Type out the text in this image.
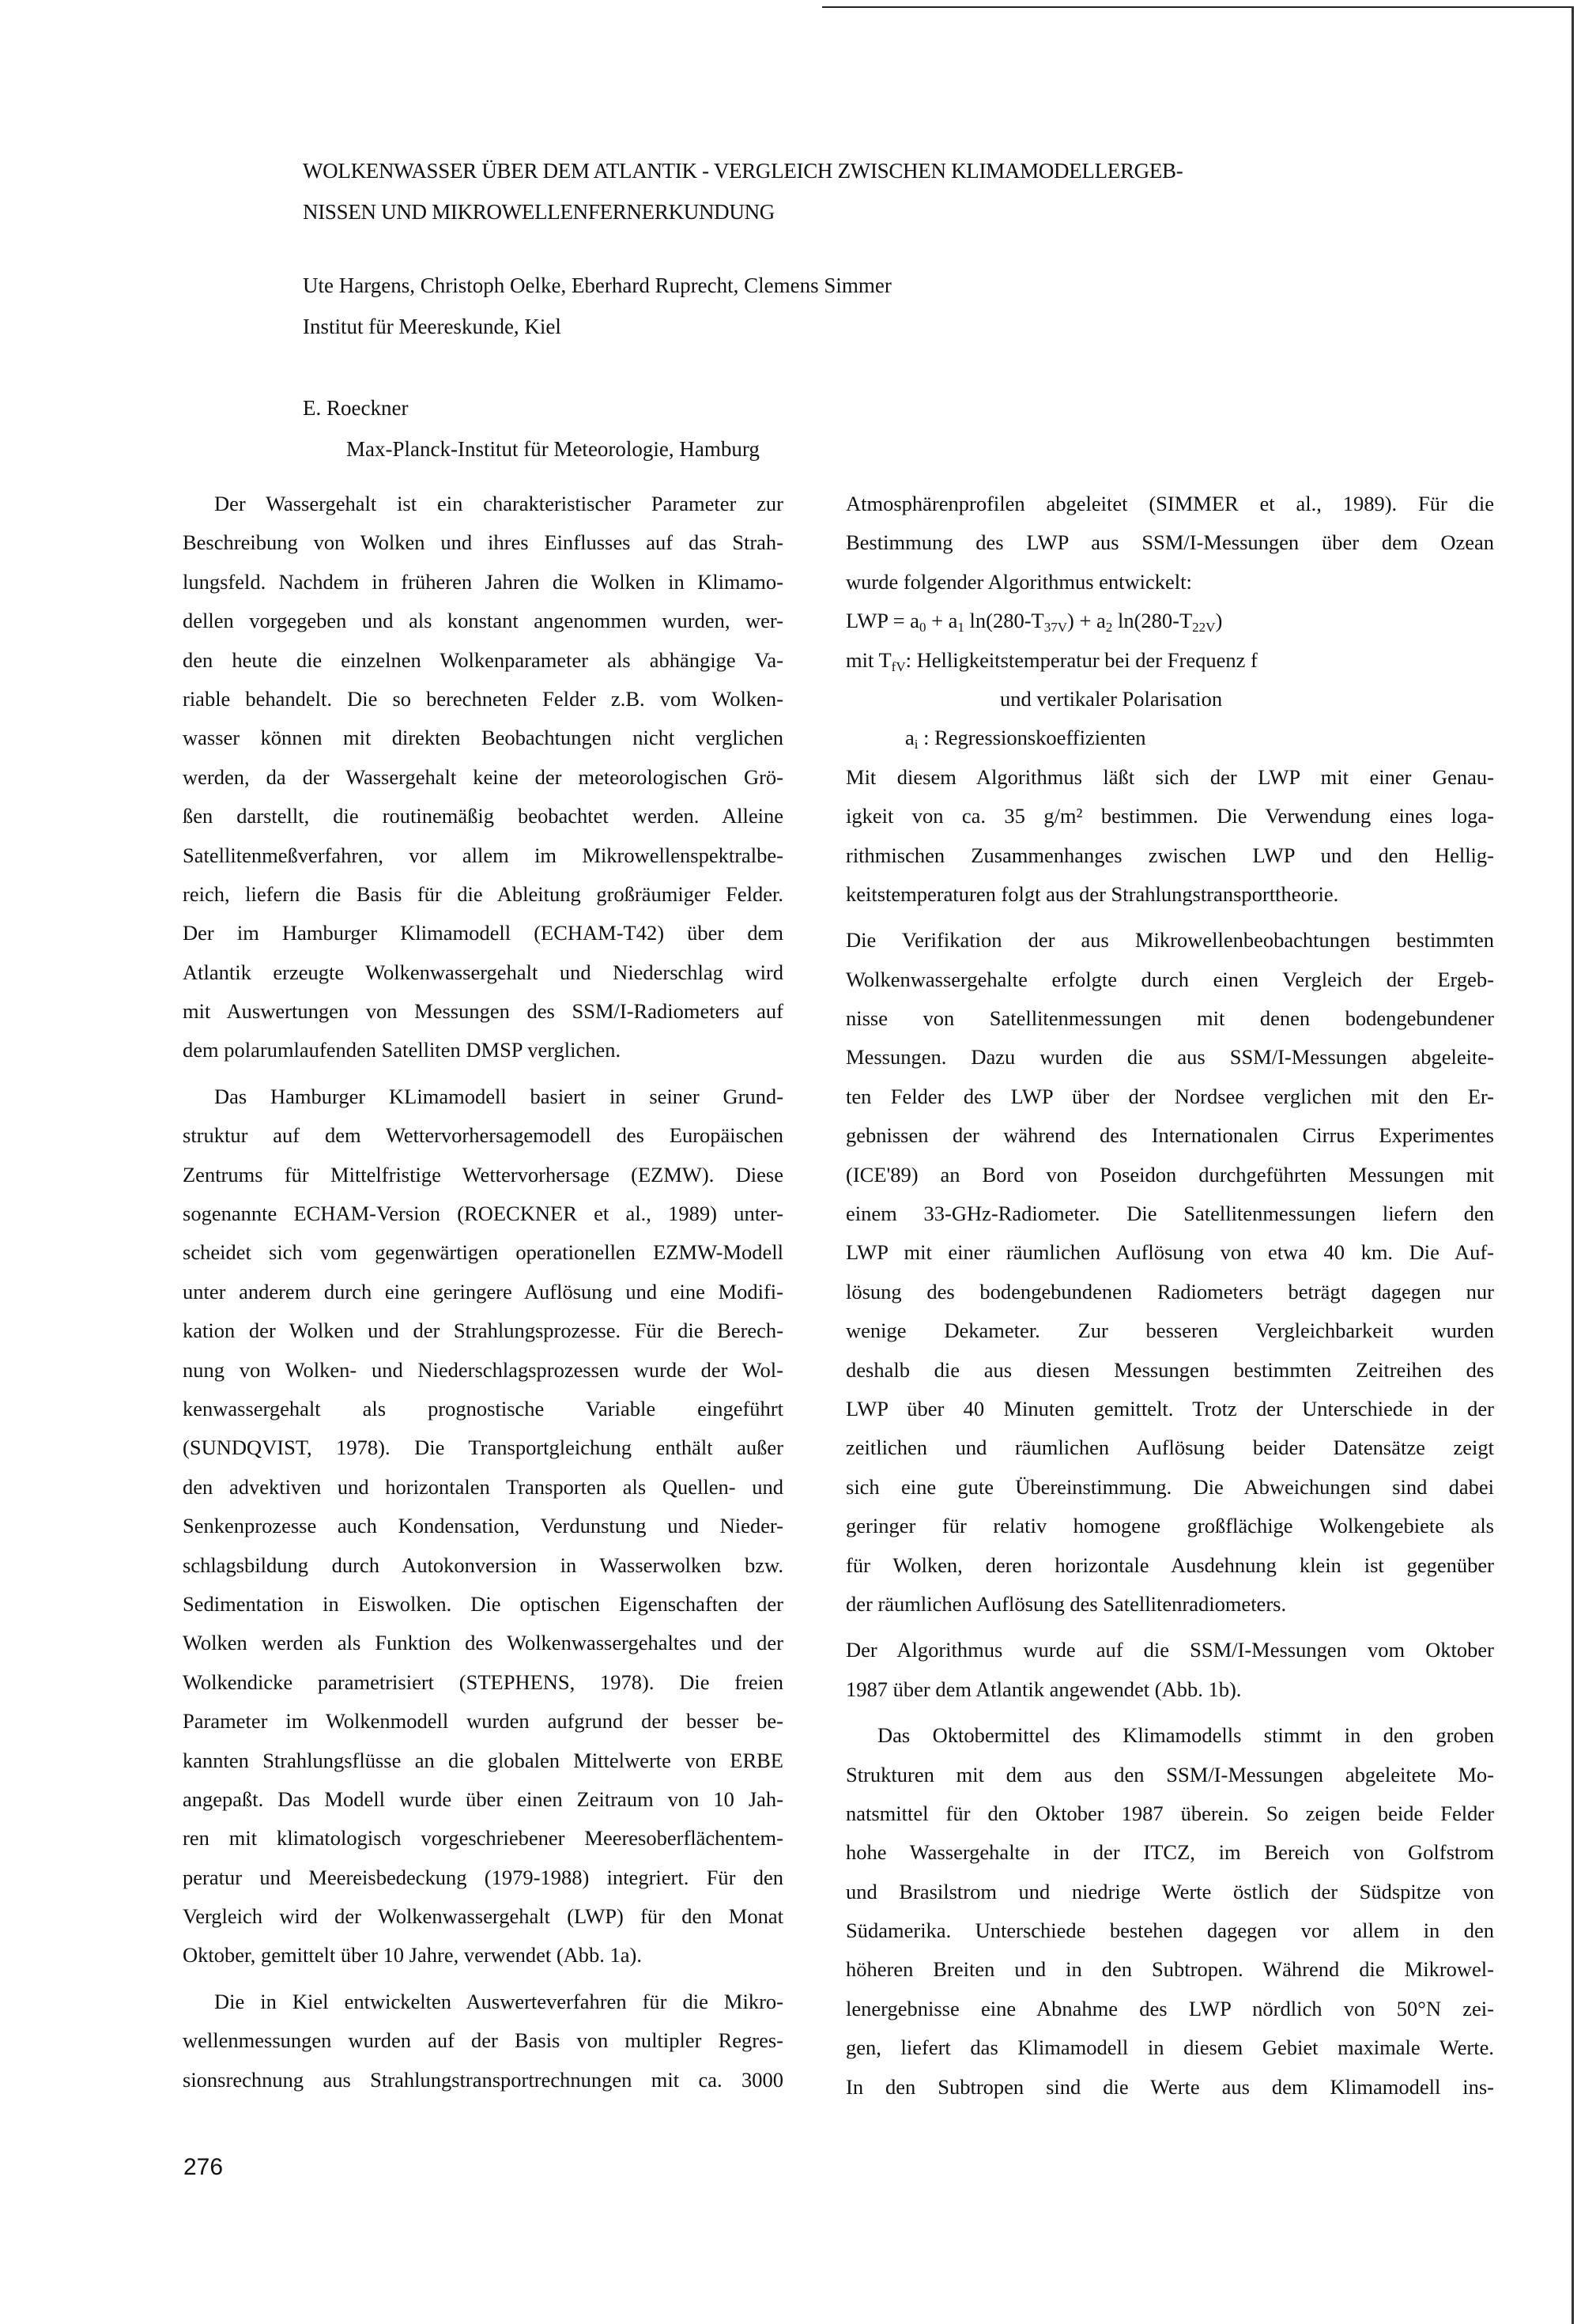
WOLKENWASSER ÜBER DEM ATLANTIK - VERGLEICH ZWISCHEN KLIMAMODELLERGEB-
NISSEN UND MIKROWELLENFERNERKUNDUNG
Ute Hargens, Christoph Oelke, Eberhard Ruprecht, Clemens Simmer
Institut für Meereskunde, Kiel
E. Roeckner
Max-Planck-Institut für Meteorologie, Hamburg
Der Wassergehalt ist ein charakteristischer Parameter zur
Beschreibung von Wolken und ihres Einflusses auf das Strah-
lungsfeld. Nachdem in früheren Jahren die Wolken in Klimamo-
dellen vorgegeben und als konstant angenommen wurden, wer-
den heute die einzelnen Wolkenparameter als abhängige Va-
riable behandelt. Die so berechneten Felder z.B. vom Wolken-
wasser können mit direkten Beobachtungen nicht verglichen
werden, da der Wassergehalt keine der meteorologischen Grö-
ßen darstellt, die routinemäßig beobachtet werden. Alleine
Satellitenmeßverfahren, vor allem im Mikrowellenspektralbe-
reich, liefern die Basis für die Ableitung großräumiger Felder.
Der im Hamburger Klimamodell (ECHAM-T42) über dem
Atlantik erzeugte Wolkenwassergehalt und Niederschlag wird
mit Auswertungen von Messungen des SSM/I-Radiometers auf
dem polarumlaufenden Satelliten DMSP verglichen.
Das Hamburger KLimamodell basiert in seiner Grund-
struktur auf dem Wettervorhersagemodell des Europäischen
Zentrums für Mittelfristige Wettervorhersage (EZMW). Diese
sogenannte ECHAM-Version (ROECKNER et al., 1989) unter-
scheidet sich vom gegenwärtigen operationellen EZMW-Modell
unter anderem durch eine geringere Auflösung und eine Modifi-
kation der Wolken und der Strahlungsprozesse. Für die Berech-
nung von Wolken- und Niederschlagsprozessen wurde der Wol-
kenwassergehalt als prognostische Variable eingeführt
(SUNDQVIST, 1978). Die Transportgleichung enthält außer
den advektiven und horizontalen Transporten als Quellen- und
Senkenprozesse auch Kondensation, Verdunstung und Nieder-
schlagsbildung durch Autokonversion in Wasserwolken bzw.
Sedimentation in Eiswolken. Die optischen Eigenschaften der
Wolken werden als Funktion des Wolkenwassergehaltes und der
Wolkendicke parametrisiert (STEPHENS, 1978). Die freien
Parameter im Wolkenmodell wurden aufgrund der besser be-
kannten Strahlungsflüsse an die globalen Mittelwerte von ERBE
angepaßt. Das Modell wurde über einen Zeitraum von 10 Jah-
ren mit klimatologisch vorgeschriebener Meeresoberflächentem-
peratur und Meereisbedeckung (1979-1988) integriert. Für den
Vergleich wird der Wolkenwassergehalt (LWP) für den Monat
Oktober, gemittelt über 10 Jahre, verwendet (Abb. 1a).
Die in Kiel entwickelten Auswerteverfahren für die Mikro-
wellenmessungen wurden auf der Basis von multipler Regres-
sionsrechnung aus Strahlungstransportrechnungen mit ca. 3000
Atmosphärenprofilen abgeleitet (SIMMER et al., 1989). Für die
Bestimmung des LWP aus SSM/I-Messungen über dem Ozean
wurde folgender Algorithmus entwickelt:
LWP = $a_0 + a_1$ $\ln(280-T_{37V}) + a_2$ $\ln(280-T_{22V})$
mit $T_{fV}$: Helligkeitstemperatur bei der Frequenz f
und vertikaler Polarisation
$a_i$ : Regressionskoeffizienten
Mit diesem Algorithmus läßt sich der LWP mit einer Genau-
igkeit von ca. 35 g/m² bestimmen. Die Verwendung eines loga-
rithmischen Zusammenhanges zwischen LWP und den Hellig-
keitstemperaturen folgt aus der Strahlungstransporttheorie.
Die Verifikation der aus Mikrowellenbeobachtungen bestimmten
Wolkenwassergehalte erfolgte durch einen Vergleich der Ergeb-
nisse von Satellitenmessungen mit denen bodengebundener
Messungen. Dazu wurden die aus SSM/I-Messungen abgeleite-
ten Felder des LWP über der Nordsee verglichen mit den Er-
gebnissen der während des Internationalen Cirrus Experimentes
(ICE'89) an Bord von Poseidon durchgeführten Messungen mit
einem 33-GHz-Radiometer. Die Satellitenmessungen liefern den
LWP mit einer räumlichen Auflösung von etwa 40 km. Die Auf-
lösung des bodengebundenen Radiometers beträgt dagegen nur
wenige Dekameter. Zur besseren Vergleichbarkeit wurden
deshalb die aus diesen Messungen bestimmten Zeitreihen des
LWP über 40 Minuten gemittelt. Trotz der Unterschiede in der
zeitlichen und räumlichen Auflösung beider Datensätze zeigt
sich eine gute Übereinstimmung. Die Abweichungen sind dabei
geringer für relativ homogene großflächige Wolkengebiete als
für Wolken, deren horizontale Ausdehnung klein ist gegenüber
der räumlichen Auflösung des Satellitenradiometers.
Der Algorithmus wurde auf die SSM/I-Messungen vom Oktober
1987 über dem Atlantik angewendet (Abb. 1b).
Das Oktobermittel des Klimamodells stimmt in den groben
Strukturen mit dem aus den SSM/I-Messungen abgeleitete Mo-
natsmittel für den Oktober 1987 überein. So zeigen beide Felder
hohe Wassergehalte in der ITCZ, im Bereich von Golfstrom
und Brasilstrom und niedrige Werte östlich der Südspitze von
Südamerika. Unterschiede bestehen dagegen vor allem in den
höheren Breiten und in den Subtropen. Während die Mikrowel-
lenergebnisse eine Abnahme des LWP nördlich von 50°N zei-
gen, liefert das Klimamodell in diesem Gebiet maximale Werte.
In den Subtropen sind die Werte aus dem Klimamodell ins-
276
